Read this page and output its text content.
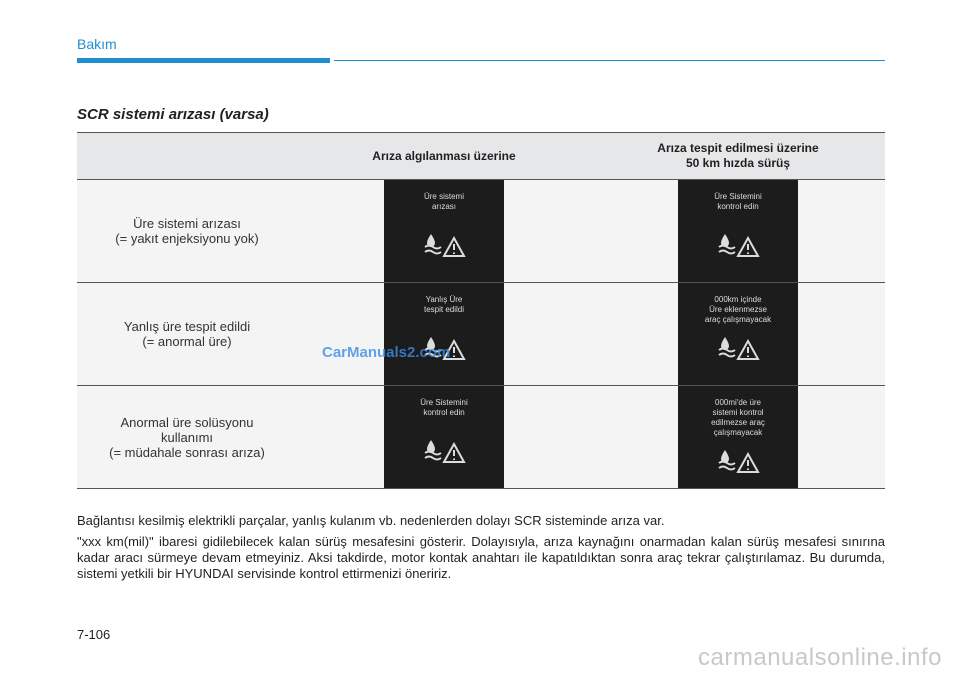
Bakım
SCR sistemi arızası (varsa)
Arıza algılanması üzerine
Arıza tespit edilmesi üzerine
50 km hızda sürüş
Üre sistemi arızası
(= yakıt enjeksiyonu yok)
Üre sistemi
arızası
Üre Sistemini
kontrol edin
Yanlış üre tespit edildi
(= anormal üre)
Yanlış Üre
tespit edildi
000km içinde
Üre eklenmezse
araç çalışmayacak
Anormal üre solüsyonu
kullanımı
(= müdahale sonrası arıza)
Üre Sistemini
kontrol edin
000mi'de üre
sistemi kontrol
edilmezse araç
çalışmayacak
CarManuals2.com

Bağlantısı kesilmiş elektrikli parçalar, yanlış kulanım vb. nedenlerden dolayı SCR sisteminde arıza var.

"xxx km(mil)" ibaresi gidilebilecek kalan sürüş mesafesini gösterir. Dolayısıyla, arıza kaynağını onarmadan kalan sürüş mesafesi sınırına kadar aracı sürmeye devam etmeyiniz. Aksi takdirde, motor kontak anahtarı ile kapatıldıktan sonra araç tekrar çalıştırılamaz. Bu durumda, sistemi yetkili bir HYUNDAI servisinde kontrol ettirmenizi öneririz.

7-106
carmanualsonline.info
